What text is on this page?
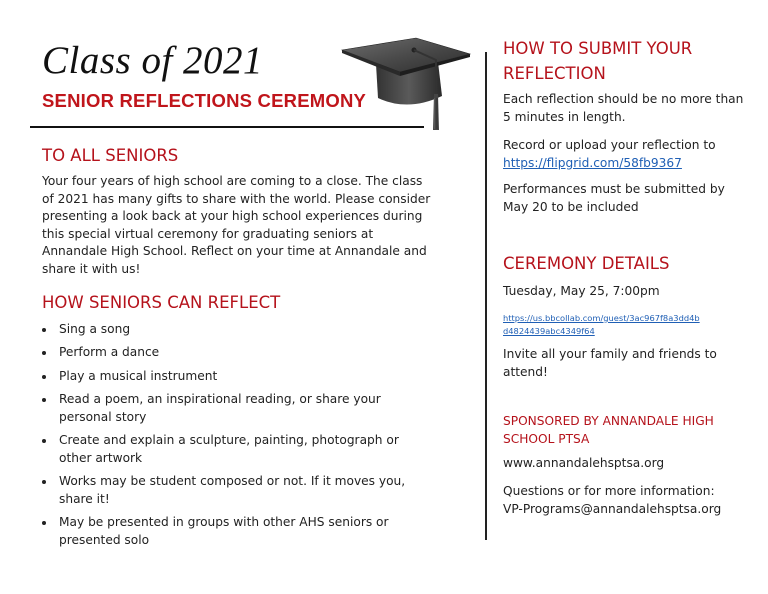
Class of 2021
SENIOR REFLECTIONS CEREMONY
TO ALL SENIORS

Your four years of high school are coming to a close. The class of 2021 has many gifts to share with the world. Please consider presenting a look back at your high school experiences during this special virtual ceremony for graduating seniors at Annandale High School. Reflect on your time at Annandale and share it with us!

HOW SENIORS CAN REFLECT
Sing a song
Perform a dance
Play a musical instrument
Read a poem, an inspirational reading, or share your personal story
Create and explain a sculpture, painting, photograph or other artwork
Works may be student composed or not. If it moves you, share it!
May be presented in groups with other AHS seniors or presented solo
HOW TO SUBMIT YOUR REFLECTION

Each reflection should be no more than 5 minutes in length.

Record or upload your reflection to
https://flipgrid.com/58fb9367

Performances must be submitted by May 20 to be included

CEREMONY DETAILS

Tuesday, May 25, 7:00pm

https://us.bbcollab.com/guest/3ac967f8a3dd4bd4824439abc4349f64

Invite all your family and friends to attend!

SPONSORED BY ANNANDALE HIGH SCHOOL PTSA

www.annandalehsptsa.org

Questions or for more information:
VP-Programs@annandalehsptsa.org
